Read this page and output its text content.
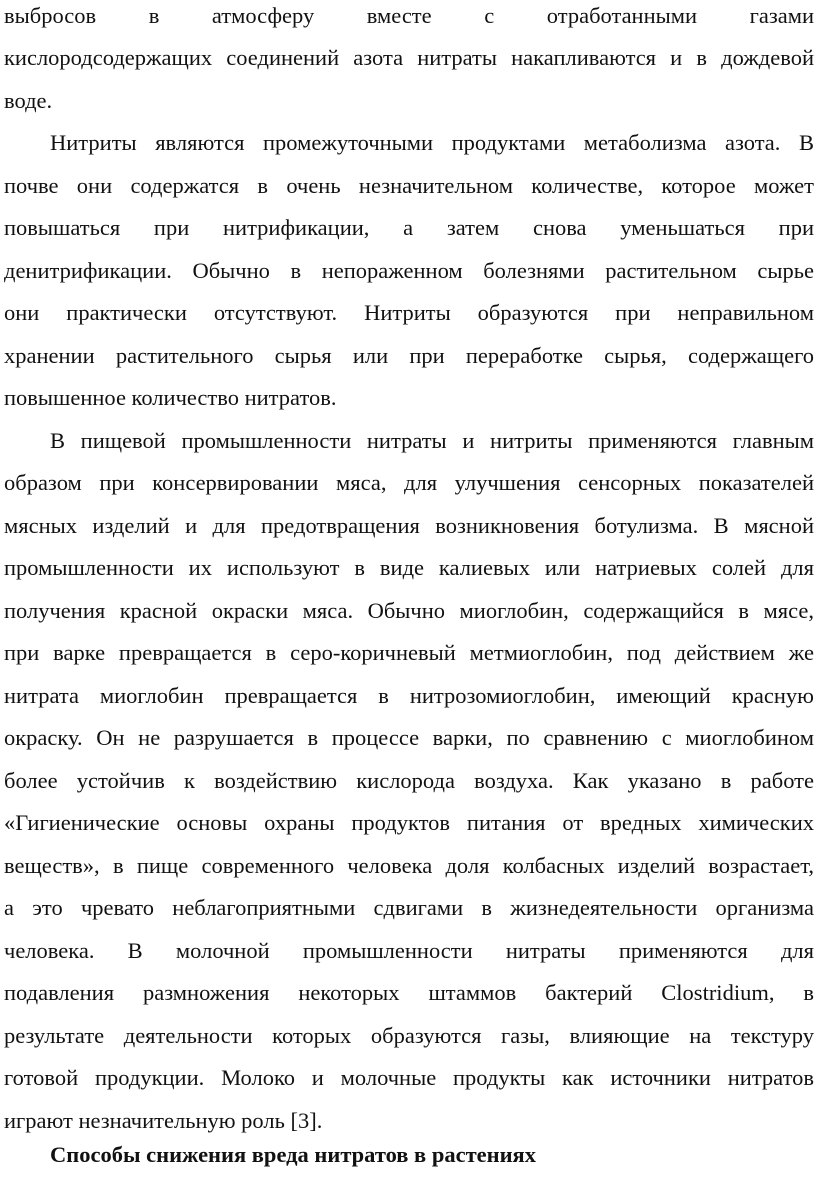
выбросов в атмосферу вместе с отработанными газами
кислородсодержащих соединений азота нитраты накапливаются и в дождевой
воде.
Нитриты являются промежуточными продуктами метаболизма азота. В
почве они содержатся в очень незначительном количестве, которое может
повышаться при нитрификации, а затем снова уменьшаться при
денитрификации. Обычно в непораженном болезнями растительном сырье
они практически отсутствуют. Нитриты образуются при неправильном
хранении растительного сырья или при переработке сырья, содержащего
повышенное количество нитратов.
В пищевой промышленности нитраты и нитриты применяются главным
образом при консервировании мяса, для улучшения сенсорных показателей
мясных изделий и для предотвращения возникновения ботулизма. В мясной
промышленности их используют в виде калиевых или натриевых солей для
получения красной окраски мяса. Обычно миоглобин, содержащийся в мясе,
при варке превращается в серо-коричневый метмиоглобин, под действием же
нитрата миоглобин превращается в нитрозомиоглобин, имеющий красную
окраску. Он не разрушается в процессе варки, по сравнению с миоглобином
более устойчив к воздействию кислорода воздуха. Как указано в работе
«Гигиенические основы охраны продуктов питания от вредных химических
веществ», в пище современного человека доля колбасных изделий возрастает,
а это чревато неблагоприятными сдвигами в жизнедеятельности организма
человека. В молочной промышленности нитраты применяются для
подавления размножения некоторых штаммов бактерий Clostridium, в
результате деятельности которых образуются газы, влияющие на текстуру
готовой продукции. Молоко и молочные продукты как источники нитратов
играют незначительную роль [3].
Способы снижения вреда нитратов в растениях
